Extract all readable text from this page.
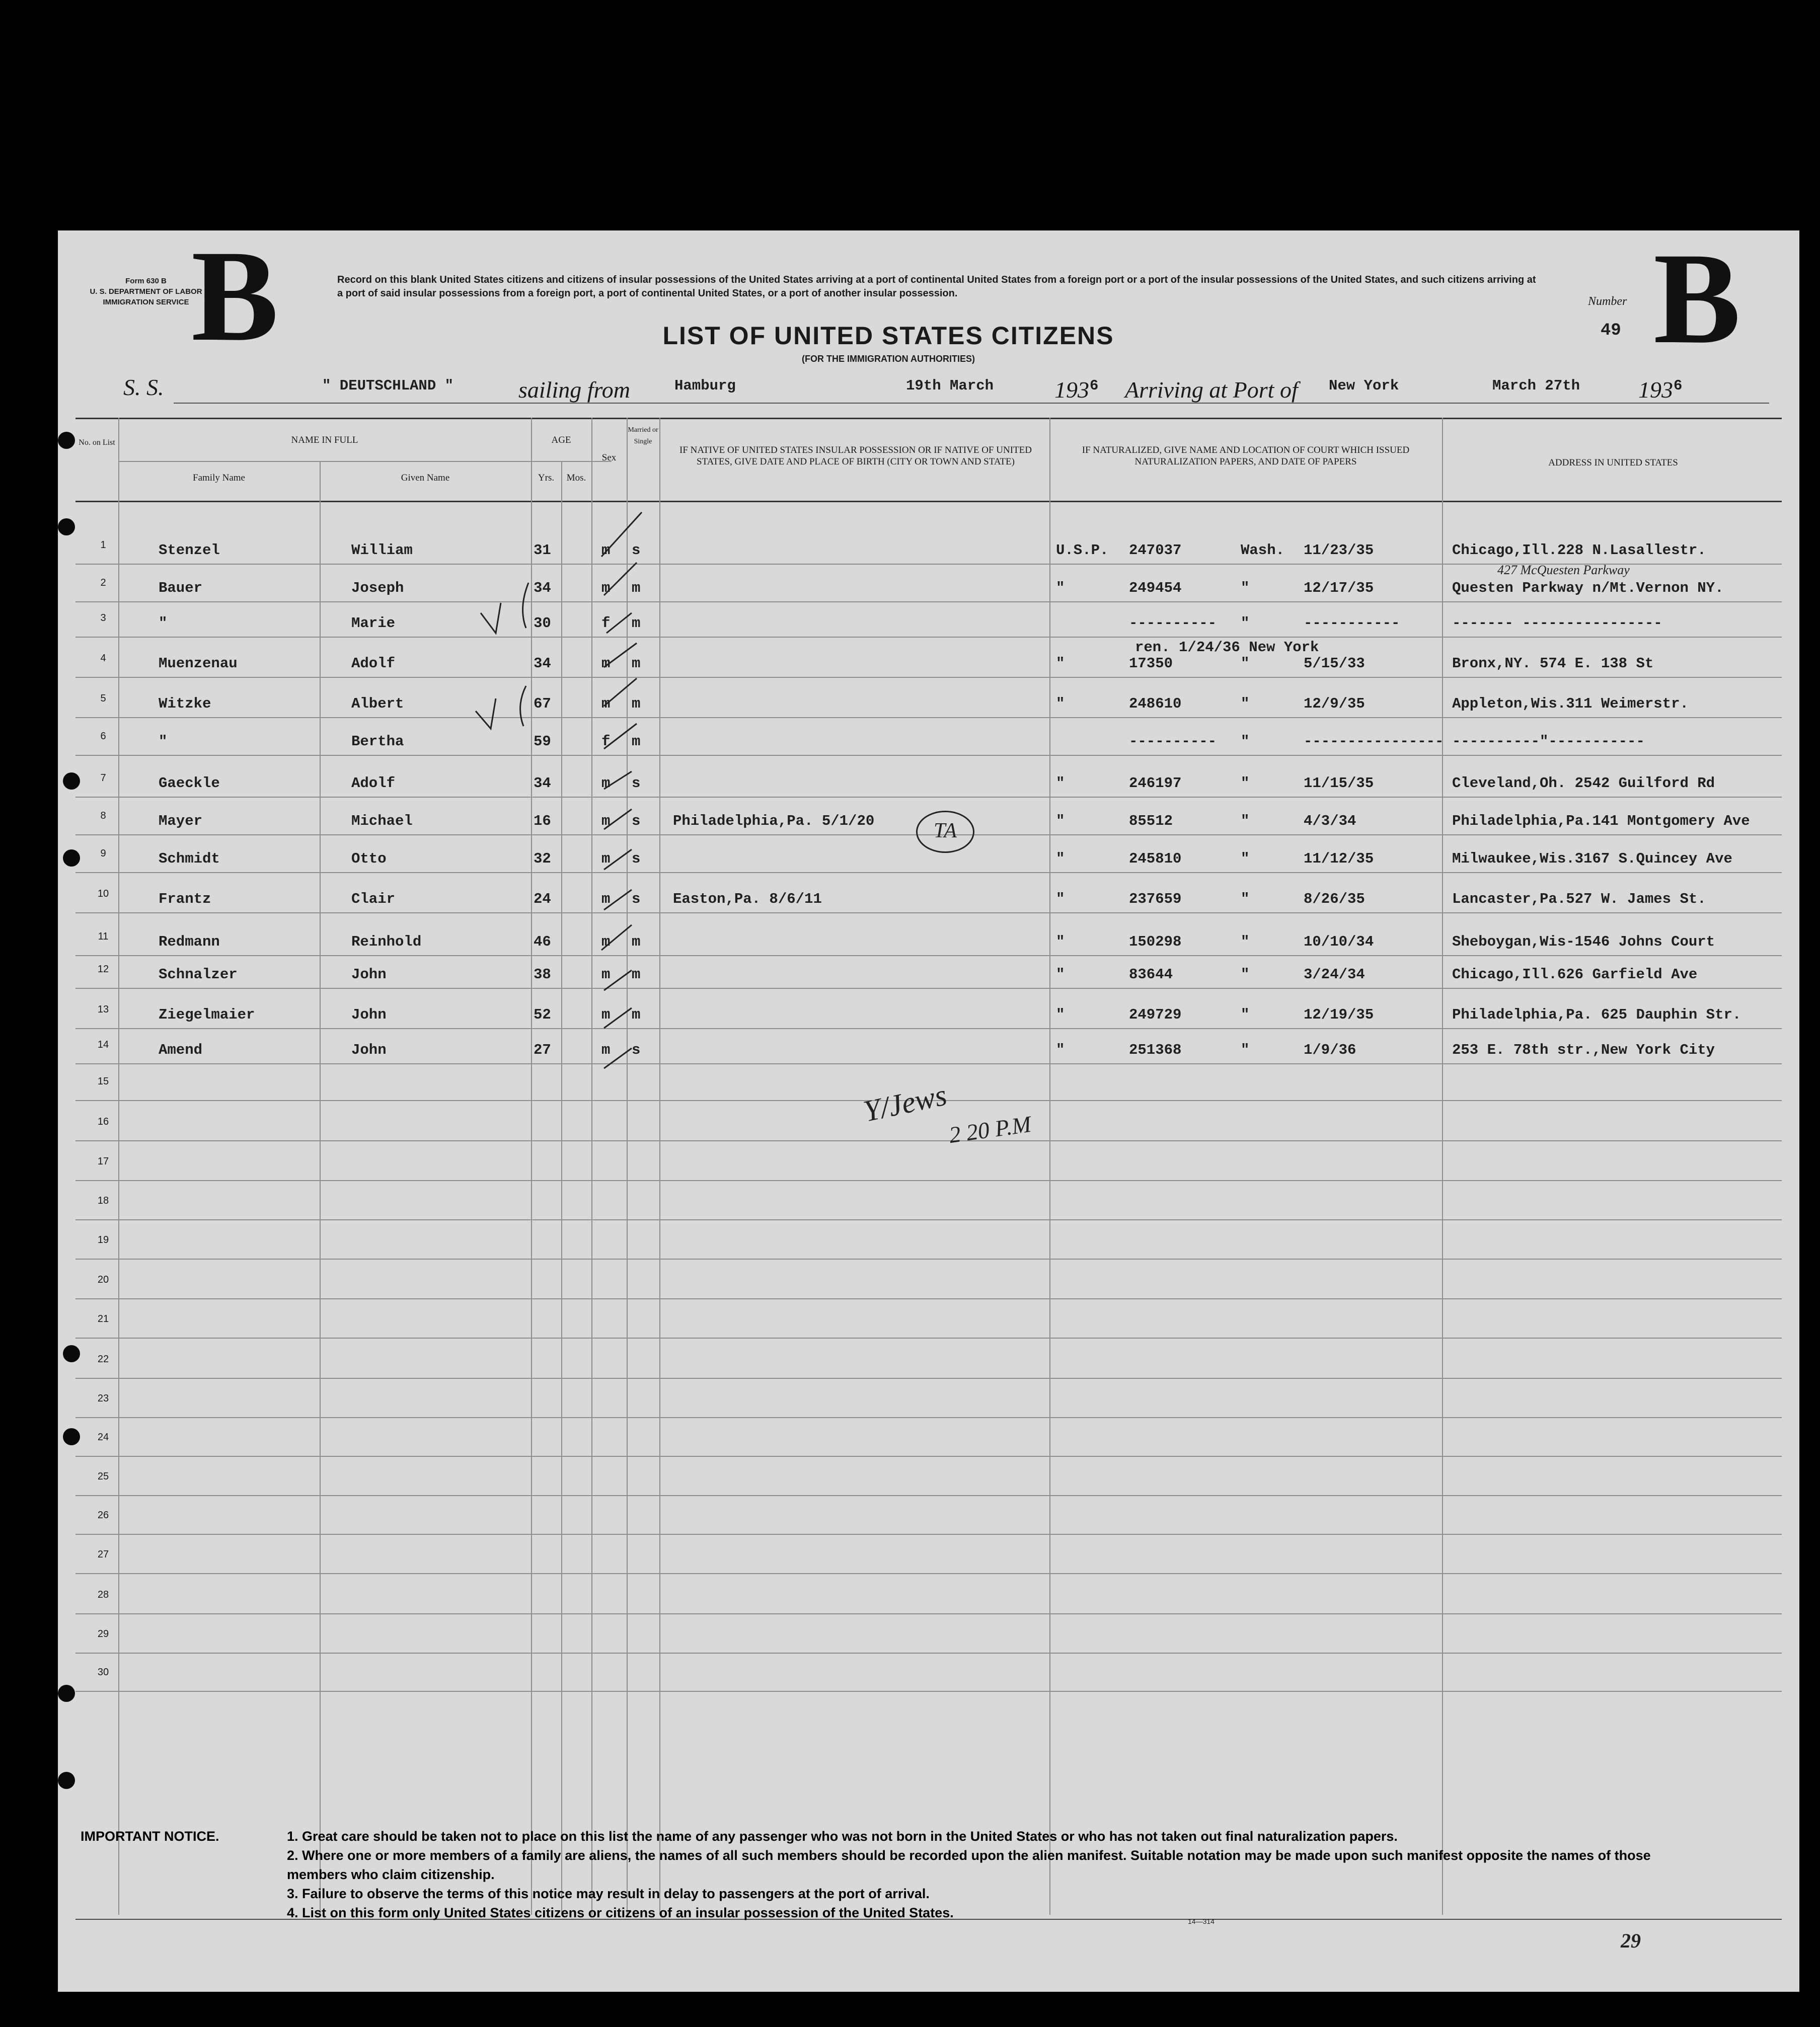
Form 630 B
U. S. DEPARTMENT OF LABOR
IMMIGRATION SERVICE B	Record on this blank United States citizens and citizens of insular possessions of the United States arriving at a port of continental United States from a foreign port or a port of the insular possessions of the United States, and such citizens arriving at a port of said insular possessions from a foreign port, a port of continental United States, or a port of another insular possession.
LIST OF UNITED STATES CITIZENS
(FOR THE IMMIGRATION AUTHORITIES)
Number
49 B
S. S.	" DEUTSCHLAND "	sailing from	Hamburg	19th March	193 6 Arriving at Port of New York	March 27th	193 6
No. on List	NAME IN FULL
Family Name	Given Name
AGE
Yrs.	Mos.
Sex
Married or Single
IF NATIVE OF UNITED STATES INSULAR POSSESSION OR IF NATIVE OF UNITED STATES, GIVE DATE AND PLACE OF BIRTH (CITY OR TOWN AND STATE)
IF NATURALIZED, GIVE NAME AND LOCATION OF COURT WHICH ISSUED NATURALIZATION PAPERS, AND DATE OF PAPERS	ADDRESS IN UNITED STATES
1	Stenzel	William	31	m s	U.S.P. 247037	Wash. 11/23/35	Chicago,Ill.228 N.Lasallestr.
2	Bauer	Joseph	34	m m	"	249454	"	12/17/35	Questen Parkway n/Mt.Vernon NY.
3	"	Marie	30	f m	---------- "	-----------	------- ----------------
4	Muenzenau	Adolf	34	m m	"	17350	"	5/15/33	Bronx,NY. 574 E. 138 St
5	Witzke	Albert	67	m m	"	248610	"	12/9/35	Appleton,Wis.311 Weimerstr.
6	"	Bertha	59	f m	---------- "	---------------- ----------"-----------
7	Gaeckle	Adolf	34	m s	"	246197	"	11/15/35	Cleveland,Oh. 2542 Guilford Rd
8	Mayer	Michael	16	m s Philadelphia,Pa. 5/1/20	"	85512	"	4/3/34	Philadelphia,Pa.141 Montgomery Ave
9	Schmidt	Otto	32	m s	"	245810	"	11/12/35	Milwaukee,Wis.3167 S.Quincey Ave
10	Frantz	Clair	24	m s Easton,Pa. 8/6/11	"	237659	"	8/26/35	Lancaster,Pa.527 W. James St.
11	Redmann	Reinhold	46	m m	"	150298	"	10/10/34	Sheboygan,Wis-1546 Johns Court
12	Schnalzer	John	38	m m	"	83644	"	3/24/34	Chicago,Ill.626 Garfield Ave
13	Ziegelmaier	John	52	m m	"	249729	"	12/19/35	Philadelphia,Pa. 625 Dauphin Str.
14	Amend	John	27	m s	"	251368	"	1/9/36	253 E. 78th str.,New York City
15
16
17
18
19
20
21
22
23
24
25
26
27
28
29
30
ren. 1/24/36 New York
427 McQuesten Parkway
TA
Y/Jews
2 20 P.M
29
IMPORTANT NOTICE.	1. Great care should be taken not to place on this list the name of any passenger who was not born in the United States or who has not taken out final naturalization papers.
2. Where one or more members of a family are aliens, the names of all such members should be recorded upon the alien manifest. Suitable notation may be made upon such manifest opposite the names of those members who claim citizenship.
3. Failure to observe the terms of this notice may result in delay to passengers at the port of arrival.
4. List on this form only United States citizens or citizens of an insular possession of the United States.
14—314
